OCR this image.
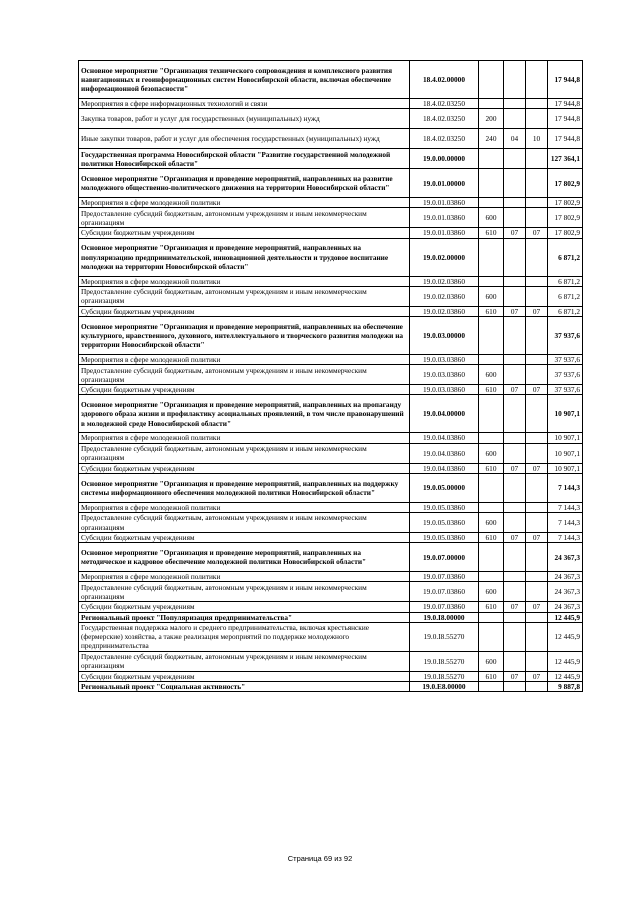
Основное мероприятие "Организация технического сопровождения и комплексного развития навигационных и геоинформационных систем Новосибирской области, включая обеспечение информационной безопасности"	18.4.02.00000				17 944,8
Мероприятия в сфере информационных технологий и связи	18.4.02.03250				17 944,8
Закупка товаров, работ и услуг для государственных (муниципальных) нужд	18.4.02.03250	200			17 944,8
Иные закупки товаров, работ и услуг для обеспечения государственных (муниципальных) нужд	18.4.02.03250	240	04	10	17 944,8
Государственная программа Новосибирской области "Развитие государственной молодежной политики Новосибирской области"	19.0.00.00000				127 364,1
Основное мероприятие "Организация и проведение мероприятий, направленных на развитие молодежного общественно-политического движения на территории Новосибирской области"	19.0.01.00000				17 802,9
Мероприятия в сфере молодежной политики	19.0.01.03860				17 802,9
Предоставление субсидий бюджетным, автономным учреждениям и иным некоммерческим организациям	19.0.01.03860	600			17 802,9
Субсидии бюджетным учреждениям	19.0.01.03860	610	07	07	17 802,9
Основное мероприятие "Организация и проведение мероприятий, направленных на популяризацию предпринимательской, инновационной деятельности и трудовое воспитание молодежи на территории Новосибирской области"	19.0.02.00000				6 871,2
Мероприятия в сфере молодежной политики	19.0.02.03860				6 871,2
Предоставление субсидий бюджетным, автономным учреждениям и иным некоммерческим организациям	19.0.02.03860	600			6 871,2
Субсидии бюджетным учреждениям	19.0.02.03860	610	07	07	6 871,2
Основное мероприятие "Организация и проведение мероприятий, направленных на обеспечение культурного, нравственного, духовного, интеллектуального и творческого развития молодежи на территории Новосибирской области"	19.0.03.00000				37 937,6
Мероприятия в сфере молодежной политики	19.0.03.03860				37 937,6
Предоставление субсидий бюджетным, автономным учреждениям и иным некоммерческим организациям	19.0.03.03860	600			37 937,6
Субсидии бюджетным учреждениям	19.0.03.03860	610	07	07	37 937,6
Основное мероприятие "Организация и проведение мероприятий, направленных на пропаганду здорового образа жизни и профилактику асоциальных проявлений, в том числе правонарушений в молодежной среде Новосибирской области"	19.0.04.00000				10 907,1
Мероприятия в сфере молодежной политики	19.0.04.03860				10 907,1
Предоставление субсидий бюджетным, автономным учреждениям и иным некоммерческим организациям	19.0.04.03860	600			10 907,1
Субсидии бюджетным учреждениям	19.0.04.03860	610	07	07	10 907,1
Основное мероприятие "Организация и проведение мероприятий, направленных на поддержку системы информационного обеспечения молодежной политики Новосибирской области"	19.0.05.00000				7 144,3
Мероприятия в сфере молодежной политики	19.0.05.03860				7 144,3
Предоставление субсидий бюджетным, автономным учреждениям и иным некоммерческим организациям	19.0.05.03860	600			7 144,3
Субсидии бюджетным учреждениям	19.0.05.03860	610	07	07	7 144,3
Основное мероприятие "Организация и проведение мероприятий, направленных на методическое и кадровое обеспечение молодежной политики Новосибирской области"	19.0.07.00000				24 367,3
Мероприятия в сфере молодежной политики	19.0.07.03860				24 367,3
Предоставление субсидий бюджетным, автономным учреждениям и иным некоммерческим организациям	19.0.07.03860	600			24 367,3
Субсидии бюджетным учреждениям	19.0.07.03860	610	07	07	24 367,3
Региональный проект "Популяризация предпринимательства"	19.0.I8.00000				12 445,9
Государственная поддержка малого и среднего предпринимательства, включая крестьянские (фермерские) хозяйства, а также реализация мероприятий по поддержке молодежного предпринимательства	19.0.I8.55270				12 445,9
Предоставление субсидий бюджетным, автономным учреждениям и иным некоммерческим организациям	19.0.I8.55270	600			12 445,9
Субсидии бюджетным учреждениям	19.0.I8.55270	610	07	07	12 445,9
Региональный проект "Социальная активность"	19.0.E8.00000				9 887,8
Страница 69 из 92
